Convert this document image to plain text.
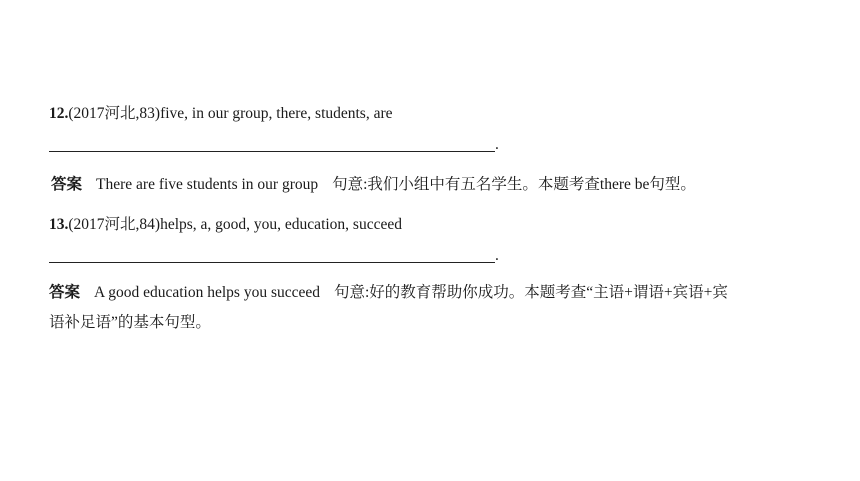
12.(2017河北,83)five, in our group, there, students, are
.
答案 There are five students in our group 句意:我们小组中有五名学生。本题考查there be句型。
13.(2017河北,84)helps, a, good, you, education, succeed
.
答案 A good education helps you succeed 句意:好的教育帮助你成功。本题考查“主语+谓语+宾语+宾
语补足语”的基本句型。
